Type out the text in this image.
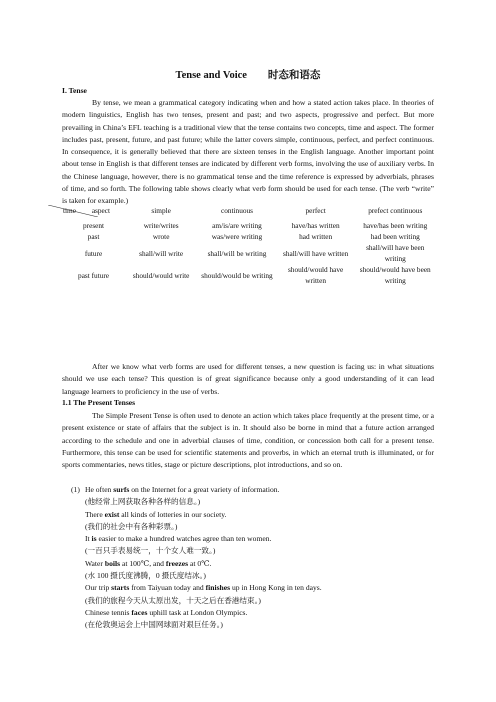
Tense and Voice　　时态和语态
I. Tense
By tense, we mean a grammatical category indicating when and how a stated action takes place. In theories of modern linguistics, English has two tenses, present and past; and two aspects, progressive and perfect. But more prevailing in China’s EFL teaching is a traditional view that the tense contains two concepts, time and aspect. The former includes past, present, future, and past future; while the latter covers simple, continuous, perfect, and perfect continuous. In consequence, it is generally believed that there are sixteen tenses in the English language. Another important point about tense in English is that different tenses are indicated by different verb forms, involving the use of auxiliary verbs. In the Chinese language, however, there is no grammatical tense and the time reference is expressed by adverbials, phrases of time, and so forth. The following table shows clearly what verb form should be used for each tense. (The verb “write” is taken for example.)
time aspect	simple	continuous	perfect	prefect continuous
present	write/writes	am/is/are writing	have/has written	have/has been writing
past	wrote	was/were writing	had written	had been writing
future	shall/will write	shall/will be writing	shall/will have written	shall/will have been writing
past future	should/would write	should/would be writing	should/would have written	should/would have been writing
After we know what verb forms are used for different tenses, a new question is facing us: in what situations should we use each tense? This question is of great significance because only a good understanding of it can lead language learners to proficiency in the use of verbs.
1.1 The Present Tenses
The Simple Present Tense is often used to denote an action which takes place frequently at the present time, or a present existence or state of affairs that the subject is in. It should also be borne in mind that a future action arranged according to the schedule and one in adverbial clauses of time, condition, or concession both call for a present tense. Furthermore, this tense can be used for scientific statements and proverbs, in which an eternal truth is illuminated, or for sports commentaries, news titles, stage or picture descriptions, plot introductions, and so on.
(1) He often surfs on the Internet for a great variety of information.
(他经常上网获取各种各样的信息。)
There exist all kinds of lotteries in our society.
(我们的社会中有各种彩票。)
It is easier to make a hundred watches agree than ten women.
(一百只手表易统一，十个女人难一致。)
Water boils at 100℃, and freezes at 0℃.
(水 100 摄氏度沸腾，0 摄氏度结冰。)
Our trip starts from Taiyuan today and finishes up in Hong Kong in ten days.
(我们的旅程今天从太原出发，十天之后在香港结束。)
Chinese tennis faces uphill task at London Olympics.
(在伦敦奥运会上中国网球面对艰巨任务。)
